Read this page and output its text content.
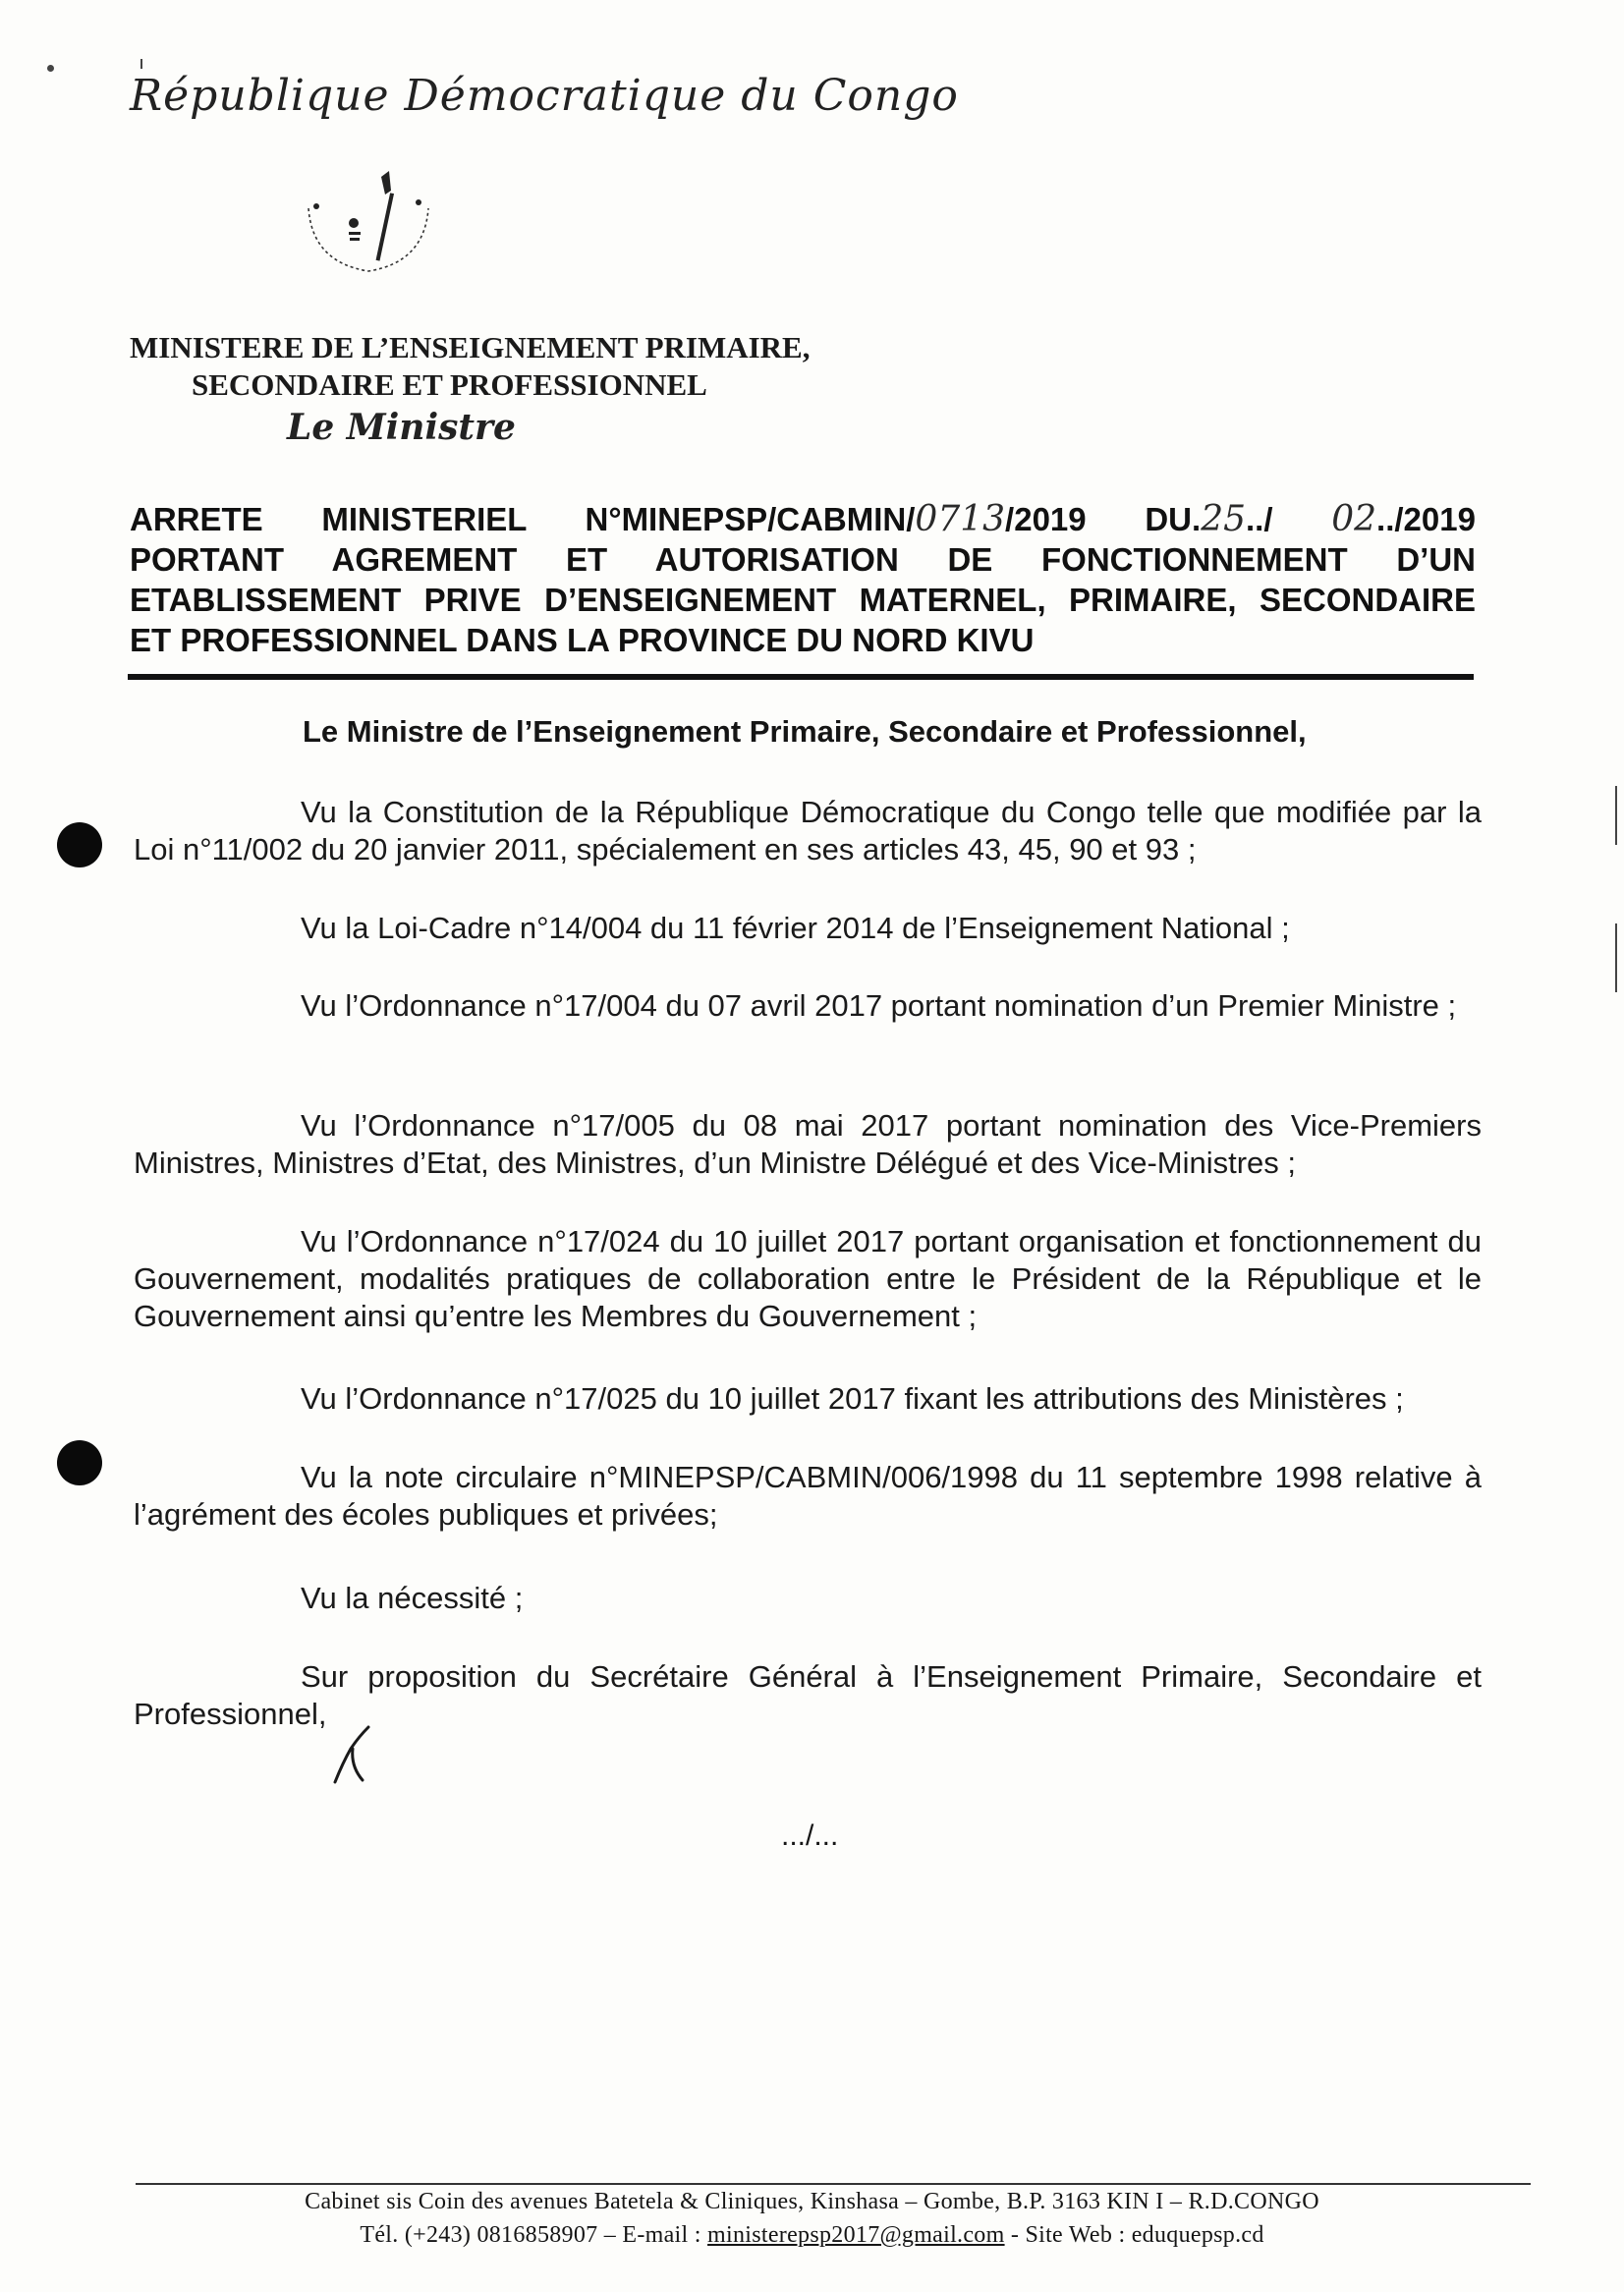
République Démocratique du Congo
MINISTERE DE L’ENSEIGNEMENT PRIMAIRE,
SECONDAIRE ET PROFESSIONNEL
Le Ministre
ARRETE MINISTERIEL N°MINEPSP/CABMIN/0713/2019 DU.25../ 02../2019
PORTANT AGREMENT ET AUTORISATION DE FONCTIONNEMENT D’UN
ETABLISSEMENT PRIVE D’ENSEIGNEMENT MATERNEL, PRIMAIRE, SECONDAIRE
ET PROFESSIONNEL DANS LA PROVINCE DU NORD KIVU
Le Ministre de l’Enseignement Primaire, Secondaire et Professionnel,
Vu la Constitution de la République Démocratique du Congo telle que modifiée par la Loi n°11/002 du 20 janvier 2011, spécialement en ses articles 43, 45, 90 et 93 ;
Vu la Loi-Cadre n°14/004 du 11 février 2014 de l’Enseignement National ;
Vu l’Ordonnance n°17/004 du 07 avril 2017 portant nomination d’un Premier Ministre ;
Vu l’Ordonnance n°17/005 du 08 mai 2017 portant nomination des Vice-Premiers Ministres, Ministres d’Etat, des Ministres, d’un Ministre Délégué et des Vice-Ministres ;
Vu l’Ordonnance n°17/024 du 10 juillet 2017 portant organisation et fonctionnement du Gouvernement, modalités pratiques de collaboration entre le Président de la République et le Gouvernement ainsi qu’entre les Membres du Gouvernement ;
Vu l’Ordonnance n°17/025 du 10 juillet 2017 fixant les attributions des Ministères ;
Vu la note circulaire n°MINEPSP/CABMIN/006/1998 du 11 septembre 1998 relative à l’agrément des écoles publiques et privées;
Vu la nécessité ;
Sur proposition du Secrétaire Général à l’Enseignement Primaire, Secondaire et Professionnel,
.../...
Cabinet sis Coin des avenues Batetela & Cliniques, Kinshasa – Gombe, B.P. 3163 KIN I – R.D.CONGO
Tél. (+243) 0816858907 – E-mail : ministerepsp2017@gmail.com - Site Web : eduquepsp.cd
